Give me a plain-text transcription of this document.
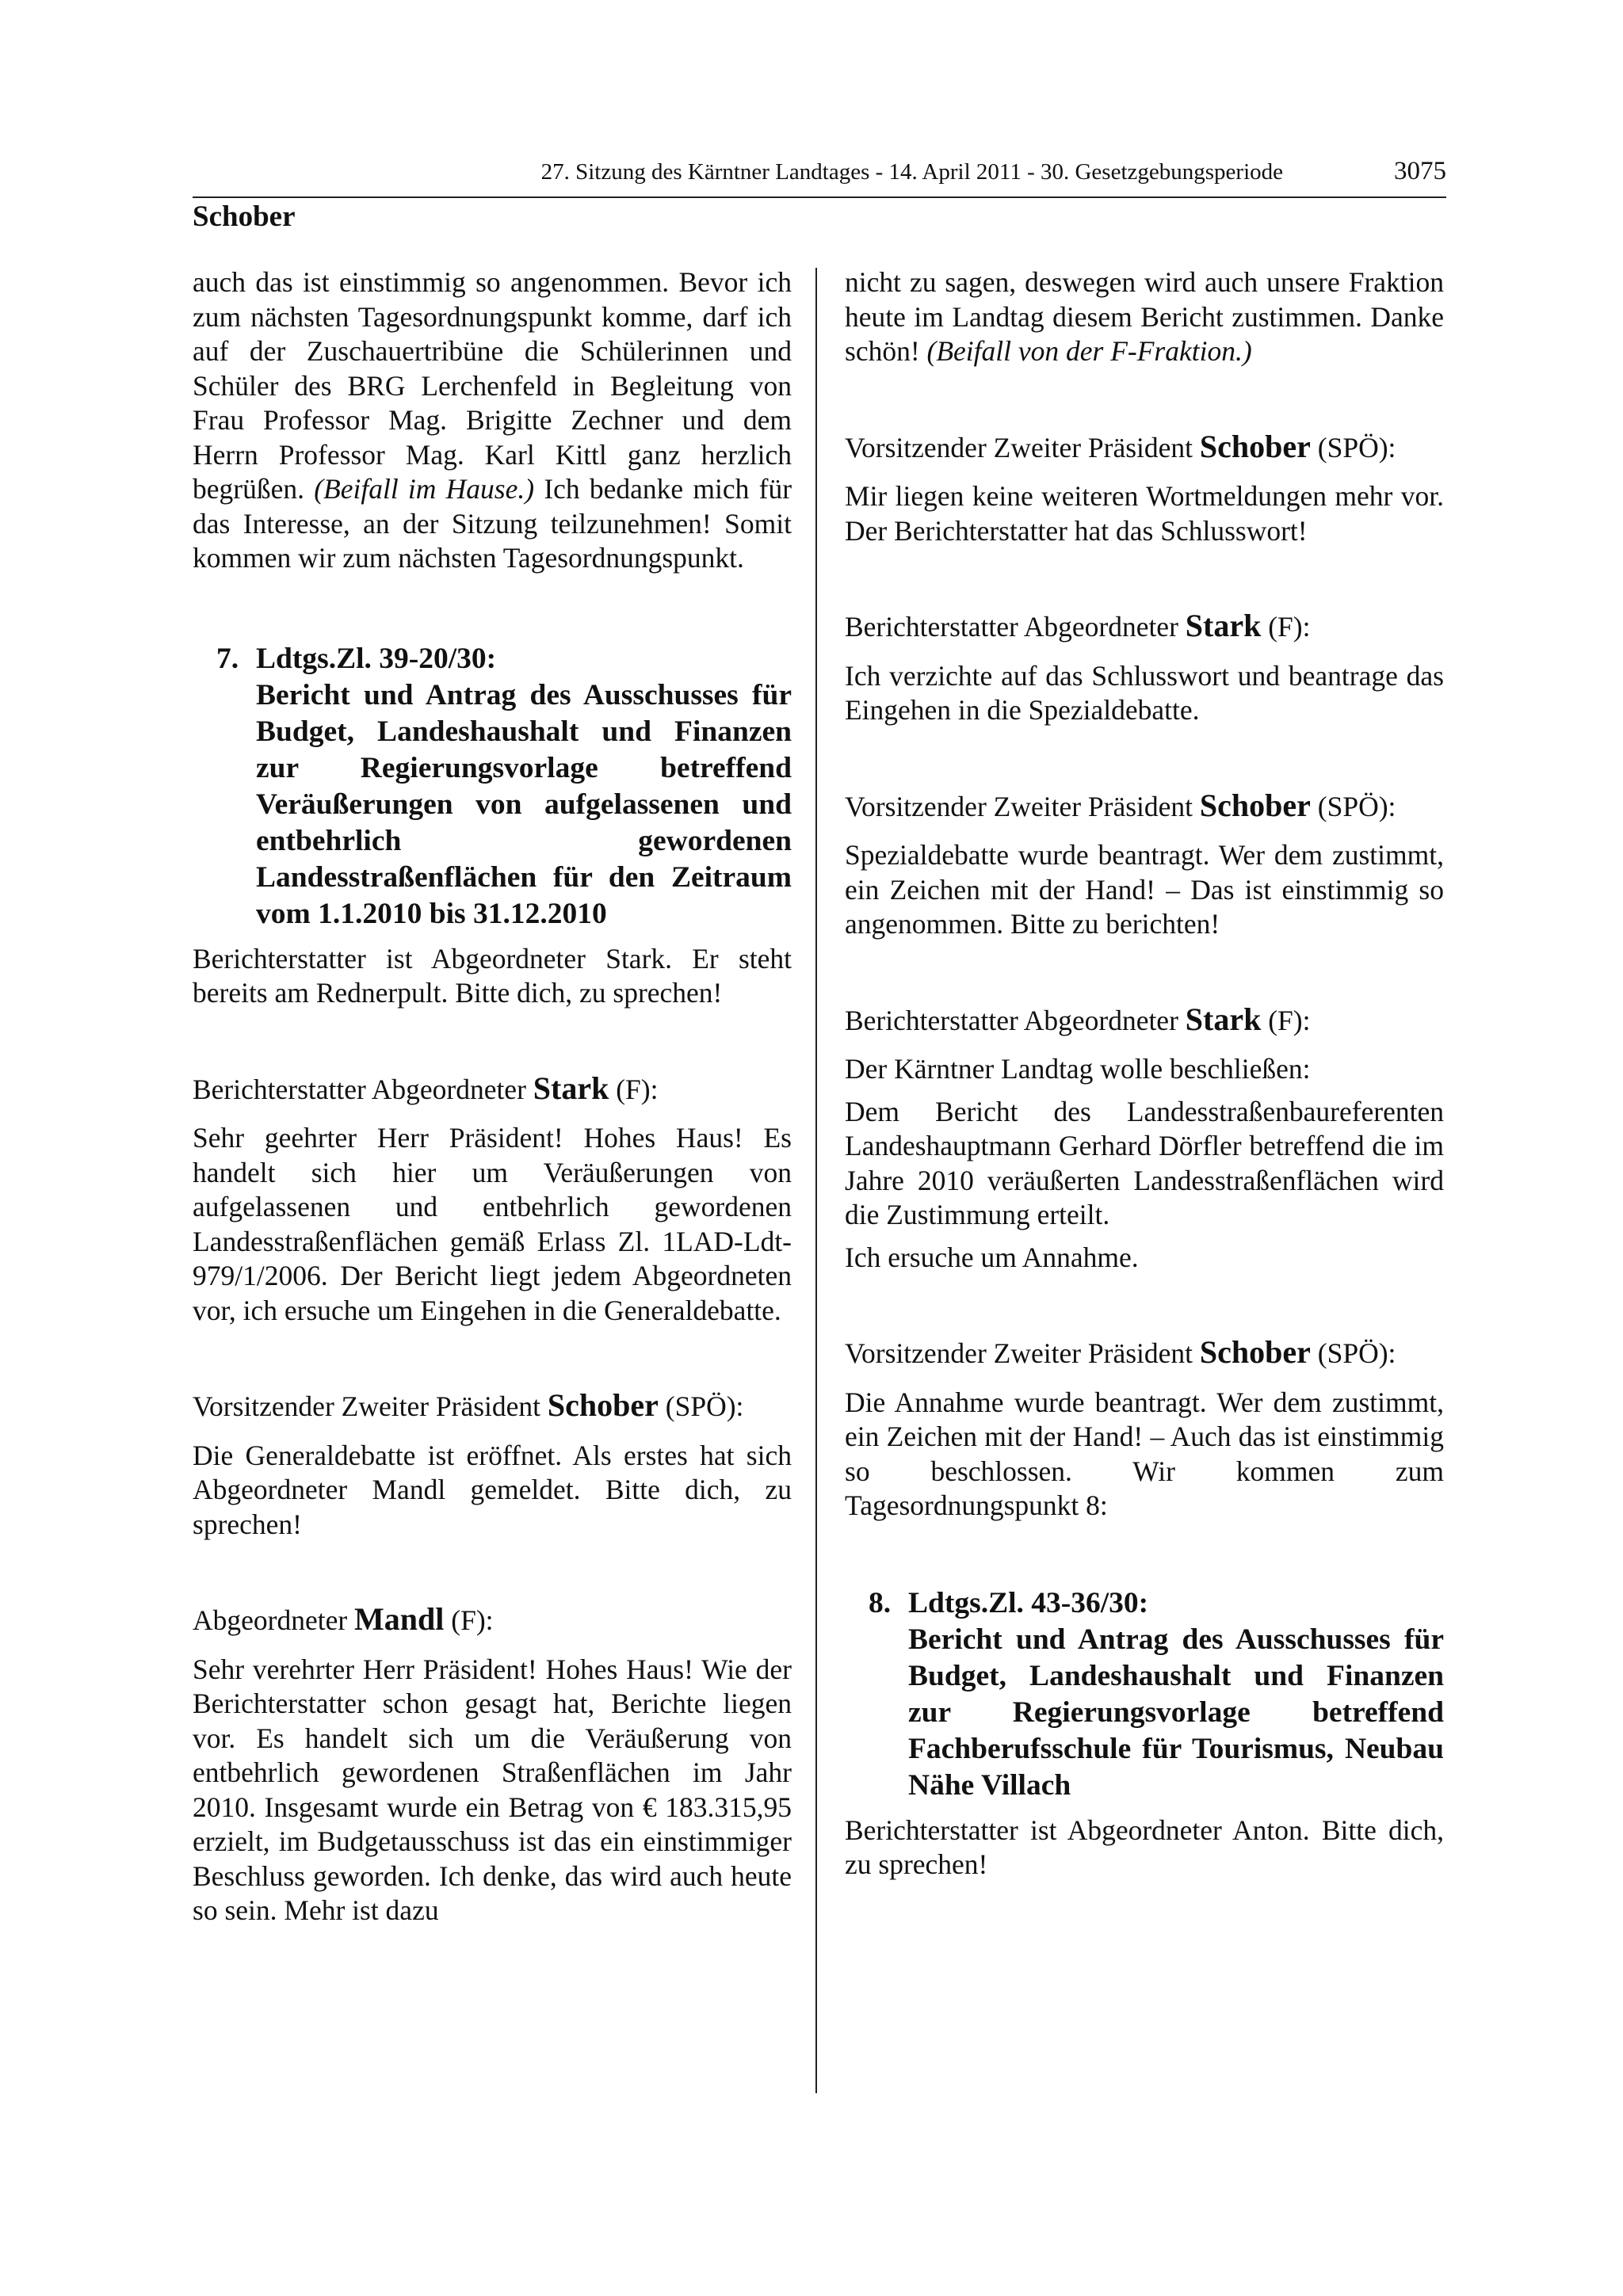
27. Sitzung des Kärntner Landtages - 14. April 2011 - 30. Gesetzgebungsperiode	3075
Schober

auch das ist einstimmig so angenommen. Bevor ich zum nächsten Tagesordnungspunkt komme, darf ich auf der Zuschauertribüne die Schülerinnen und Schüler des BRG Lerchenfeld in Begleitung von Frau Professor Mag. Brigitte Zechner und dem Herrn Professor Mag. Karl Kittl ganz herzlich begrüßen. (Beifall im Hause.) Ich bedanke mich für das Interesse, an der Sitzung teilzunehmen! Somit kommen wir zum nächsten Tagesordnungspunkt.

7. Ldtgs.Zl. 39-20/30:
Bericht und Antrag des Ausschusses für Budget, Landeshaushalt und Finanzen zur Regierungsvorlage betreffend Veräußerungen von aufgelassenen und entbehrlich gewordenen Landesstraßenflächen für den Zeitraum vom 1.1.2010 bis 31.12.2010

Berichterstatter ist Abgeordneter Stark. Er steht bereits am Rednerpult. Bitte dich, zu sprechen!

Berichterstatter Abgeordneter Stark (F):

Sehr geehrter Herr Präsident! Hohes Haus! Es handelt sich hier um Veräußerungen von aufgelassenen und entbehrlich gewordenen Landesstraßenflächen gemäß Erlass Zl. 1LAD-Ldt-979/1/2006. Der Bericht liegt jedem Abgeordneten vor, ich ersuche um Eingehen in die Generaldebatte.

Vorsitzender Zweiter Präsident Schober (SPÖ):

Die Generaldebatte ist eröffnet. Als erstes hat sich Abgeordneter Mandl gemeldet. Bitte dich, zu sprechen!

Abgeordneter Mandl (F):

Sehr verehrter Herr Präsident! Hohes Haus! Wie der Berichterstatter schon gesagt hat, Berichte liegen vor. Es handelt sich um die Veräußerung von entbehrlich gewordenen Straßenflächen im Jahr 2010. Insgesamt wurde ein Betrag von € 183.315,95 erzielt, im Budgetausschuss ist das ein einstimmiger Beschluss geworden. Ich denke, das wird auch heute so sein. Mehr ist dazu

nicht zu sagen, deswegen wird auch unsere Fraktion heute im Landtag diesem Bericht zustimmen. Danke schön! (Beifall von der F-Fraktion.)

Vorsitzender Zweiter Präsident Schober (SPÖ):

Mir liegen keine weiteren Wortmeldungen mehr vor. Der Berichterstatter hat das Schlusswort!

Berichterstatter Abgeordneter Stark (F):

Ich verzichte auf das Schlusswort und beantrage das Eingehen in die Spezialdebatte.

Vorsitzender Zweiter Präsident Schober (SPÖ):

Spezialdebatte wurde beantragt. Wer dem zustimmt, ein Zeichen mit der Hand! – Das ist einstimmig so angenommen. Bitte zu berichten!

Berichterstatter Abgeordneter Stark (F):

Der Kärntner Landtag wolle beschließen:

Dem Bericht des Landesstraßenbaureferenten Landeshauptmann Gerhard Dörfler betreffend die im Jahre 2010 veräußerten Landesstraßenflächen wird die Zustimmung erteilt.

Ich ersuche um Annahme.

Vorsitzender Zweiter Präsident Schober (SPÖ):

Die Annahme wurde beantragt. Wer dem zustimmt, ein Zeichen mit der Hand! – Auch das ist einstimmig so beschlossen. Wir kommen zum Tagesordnungspunkt 8:

8. Ldtgs.Zl. 43-36/30:
Bericht und Antrag des Ausschusses für Budget, Landeshaushalt und Finanzen zur Regierungsvorlage betreffend Fachberufsschule für Tourismus, Neubau Nähe Villach

Berichterstatter ist Abgeordneter Anton. Bitte dich, zu sprechen!
